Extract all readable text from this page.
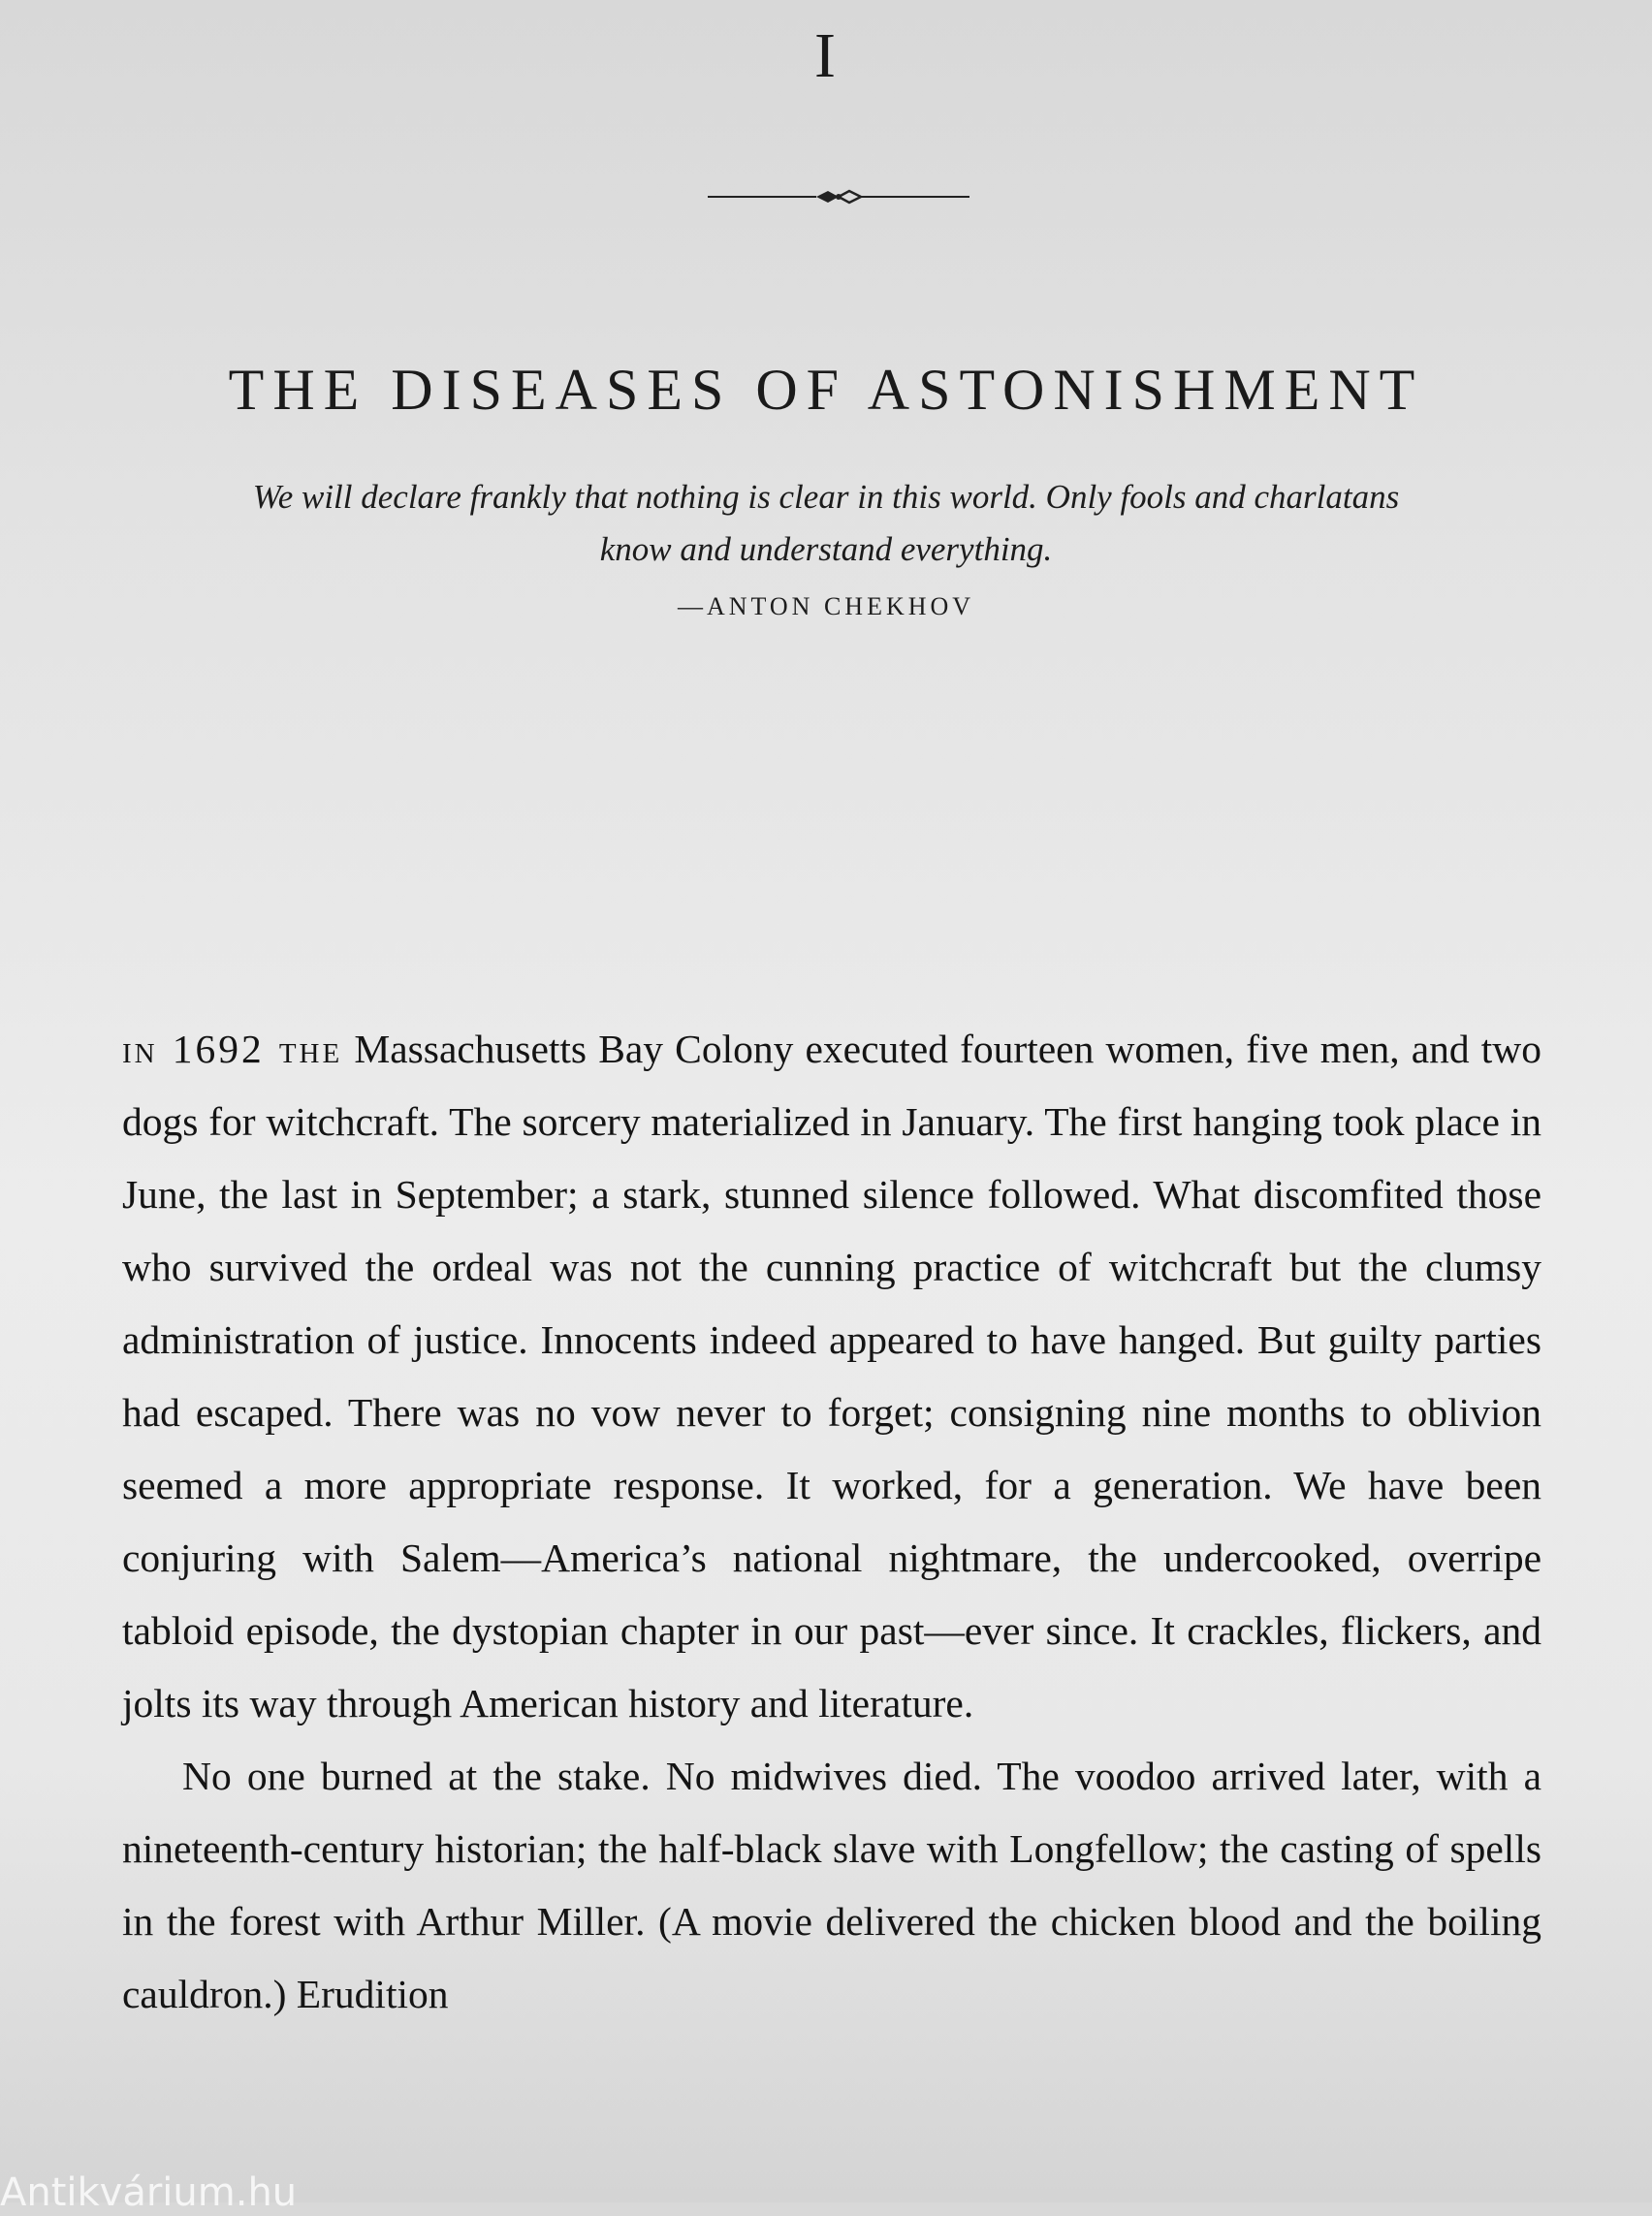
I
THE DISEASES OF ASTONISHMENT
We will declare frankly that nothing is clear in this world. Only fools and charlatans know and understand everything.
—ANTON CHEKHOV

in 1692 the Massachusetts Bay Colony executed fourteen women, five men, and two dogs for witchcraft. The sorcery materialized in January. The first hanging took place in June, the last in September; a stark, stunned silence followed. What discomfited those who survived the ordeal was not the cunning practice of witchcraft but the clumsy administration of justice. Innocents indeed appeared to have hanged. But guilty parties had escaped. There was no vow never to forget; consigning nine months to oblivion seemed a more appropriate response. It worked, for a generation. We have been conjuring with Salem—America’s national nightmare, the undercooked, overripe tabloid episode, the dystopian chapter in our past—ever since. It crackles, flickers, and jolts its way through American history and literature.

No one burned at the stake. No midwives died. The voodoo arrived later, with a nineteenth-century historian; the half-black slave with Longfellow; the casting of spells in the forest with Arthur Miller. (A movie delivered the chicken blood and the boiling cauldron.) Erudition

Antikvárium.hu
